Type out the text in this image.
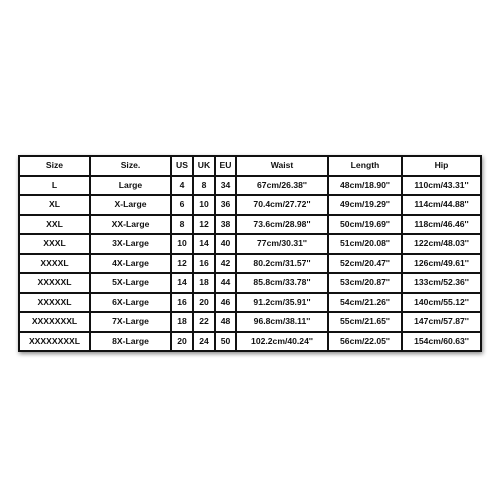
Size	Size.	US	UK	EU	Waist	Length	Hip
L	Large	4	8	34	67cm/26.38''	48cm/18.90''	110cm/43.31''
XL	X-Large	6	10	36	70.4cm/27.72''	49cm/19.29''	114cm/44.88''
XXL	XX-Large	8	12	38	73.6cm/28.98''	50cm/19.69''	118cm/46.46''
XXXL	3X-Large	10	14	40	77cm/30.31''	51cm/20.08''	122cm/48.03''
XXXXL	4X-Large	12	16	42	80.2cm/31.57''	52cm/20.47''	126cm/49.61''
XXXXXL	5X-Large	14	18	44	85.8cm/33.78''	53cm/20.87''	133cm/52.36''
XXXXXL	6X-Large	16	20	46	91.2cm/35.91''	54cm/21.26''	140cm/55.12''
XXXXXXXL	7X-Large	18	22	48	96.8cm/38.11''	55cm/21.65''	147cm/57.87''
XXXXXXXXL	8X-Large	20	24	50	102.2cm/40.24''	56cm/22.05''	154cm/60.63''
